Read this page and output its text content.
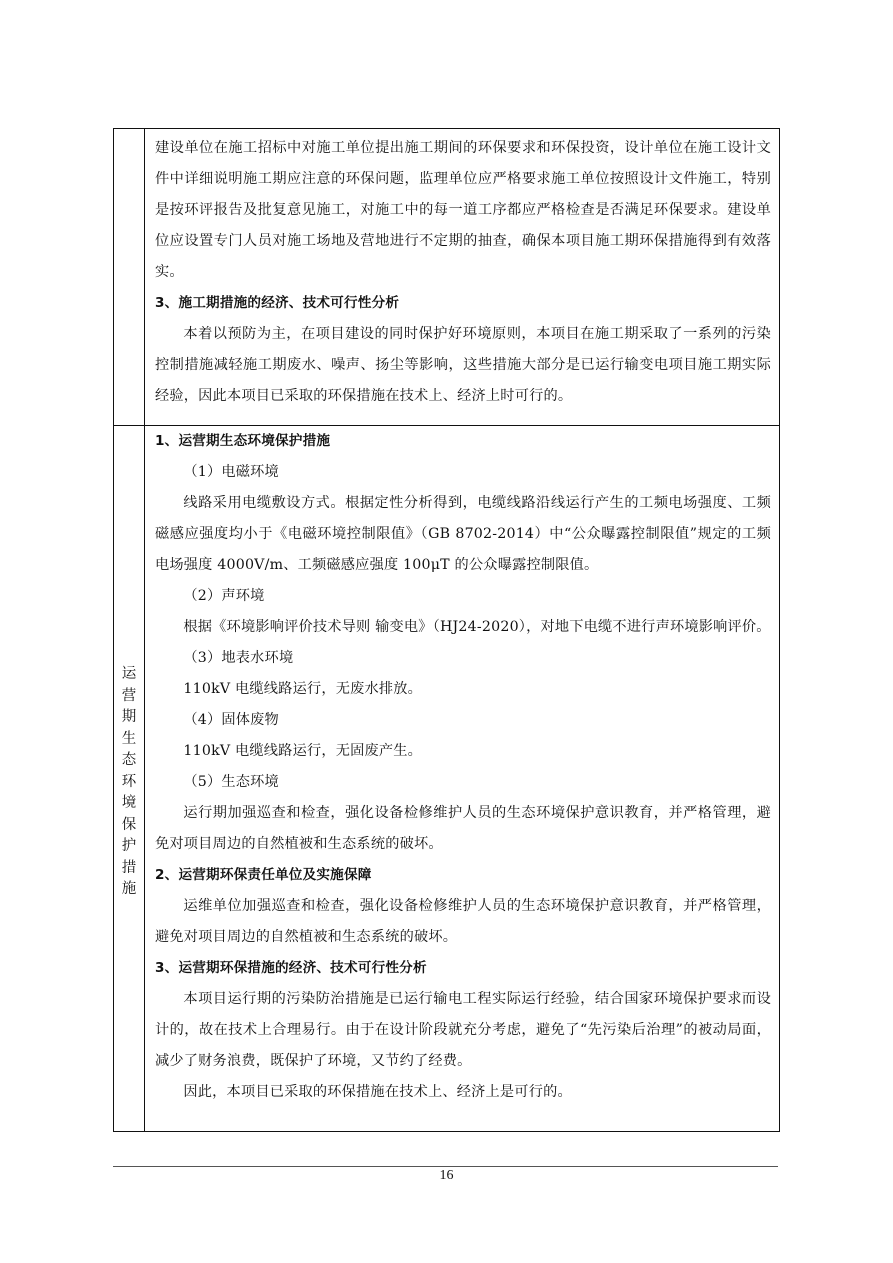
建设单位在施工招标中对施工单位提出施工期间的环保要求和环保投资，设计单位在施工设计文件中详细说明施工期应注意的环保问题，监理单位应严格要求施工单位按照设计文件施工，特别是按环评报告及批复意见施工，对施工中的每一道工序都应严格检查是否满足环保要求。建设单位应设置专门人员对施工场地及营地进行不定期的抽查，确保本项目施工期环保措施得到有效落实。

3、施工期措施的经济、技术可行性分析

本着以预防为主，在项目建设的同时保护好环境原则，本项目在施工期采取了一系列的污染控制措施减轻施工期废水、噪声、扬尘等影响，这些措施大部分是已运行输变电项目施工期实际经验，因此本项目已采取的环保措施在技术上、经济上时可行的。

运
营
期
生
态
环
境
保
护
措
施

1、运营期生态环境保护措施

（1）电磁环境

线路采用电缆敷设方式。根据定性分析得到，电缆线路沿线运行产生的工频电场强度、工频磁感应强度均小于《电磁环境控制限值》（GB 8702-2014）中“公众曝露控制限值”规定的工频电场强度 4000V/m、工频磁感应强度 100μT 的公众曝露控制限值。

（2）声环境

根据《环境影响评价技术导则 输变电》（HJ24-2020），对地下电缆不进行声环境影响评价。

（3）地表水环境

110kV 电缆线路运行，无废水排放。

（4）固体废物

110kV 电缆线路运行，无固废产生。

（5）生态环境

运行期加强巡查和检查，强化设备检修维护人员的生态环境保护意识教育，并严格管理，避免对项目周边的自然植被和生态系统的破坏。

2、运营期环保责任单位及实施保障

运维单位加强巡查和检查，强化设备检修维护人员的生态环境保护意识教育，并严格管理，避免对项目周边的自然植被和生态系统的破坏。

3、运营期环保措施的经济、技术可行性分析

本项目运行期的污染防治措施是已运行输电工程实际运行经验，结合国家环境保护要求而设计的，故在技术上合理易行。由于在设计阶段就充分考虑，避免了“先污染后治理”的被动局面，减少了财务浪费，既保护了环境，又节约了经费。

因此，本项目已采取的环保措施在技术上、经济上是可行的。

16
